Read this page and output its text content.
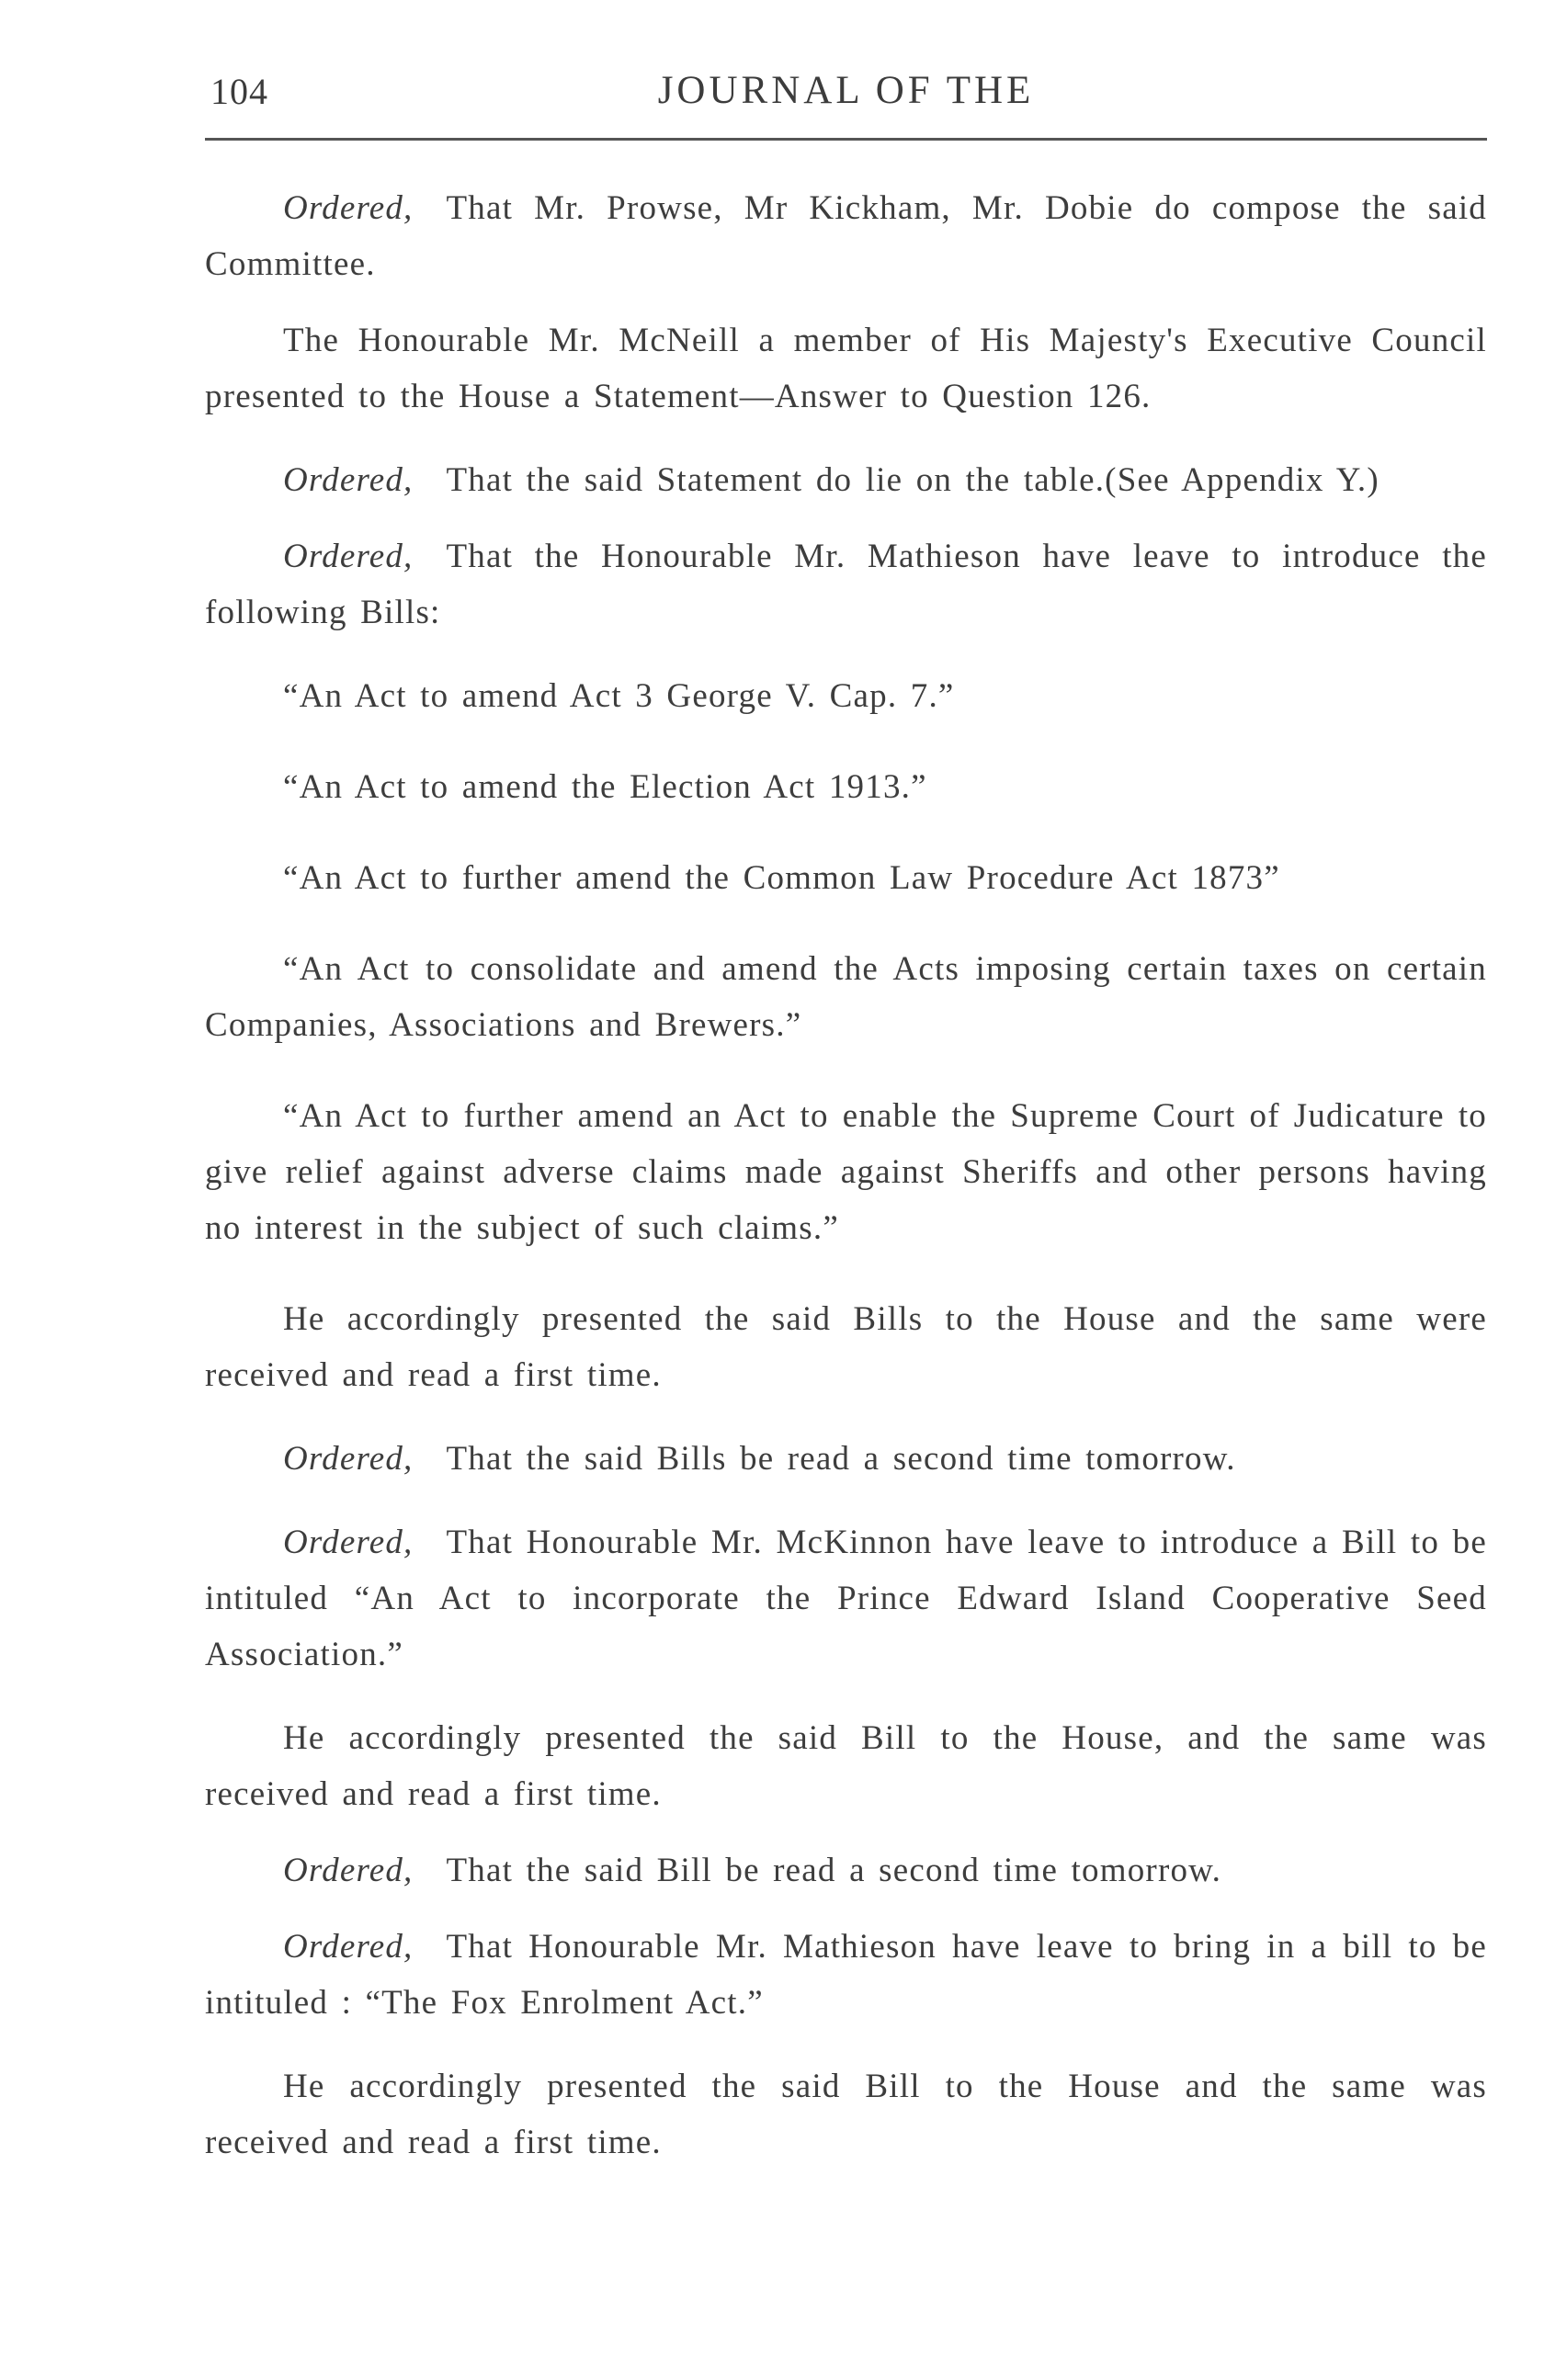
104	JOURNAL OF THE

Ordered, That Mr. Prowse, Mr Kickham, Mr. Dobie do compose the said Committee.

The Honourable Mr. McNeill a member of His Majesty's Executive Council presented to the House a Statement—Answer to Question 126.

Ordered, That the said Statement do lie on the table.(See Appendix Y.)

Ordered, That the Honourable Mr. Mathieson have leave to introduce the following Bills:

“An Act to amend Act 3 George V. Cap. 7.”

“An Act to amend the Election Act 1913.”

“An Act to further amend the Common Law Procedure Act 1873”

“An Act to consolidate and amend the Acts imposing certain taxes on certain Companies, Associations and Brewers.”

“An Act to further amend an Act to enable the Supreme Court of Judicature to give relief against adverse claims made against Sheriffs and other persons having no interest in the subject of such claims.”

He accordingly presented the said Bills to the House and the same were received and read a first time.

Ordered, That the said Bills be read a second time tomorrow.

Ordered, That Honourable Mr. McKinnon have leave to introduce a Bill to be intituled “An Act to incorporate the Prince Edward Island Cooperative Seed Association.”

He accordingly presented the said Bill to the House, and the same was received and read a first time.

Ordered, That the said Bill be read a second time tomorrow.

Ordered, That Honourable Mr. Mathieson have leave to bring in a bill to be intituled : “The Fox Enrolment Act.”

He accordingly presented the said Bill to the House and the same was received and read a first time.
